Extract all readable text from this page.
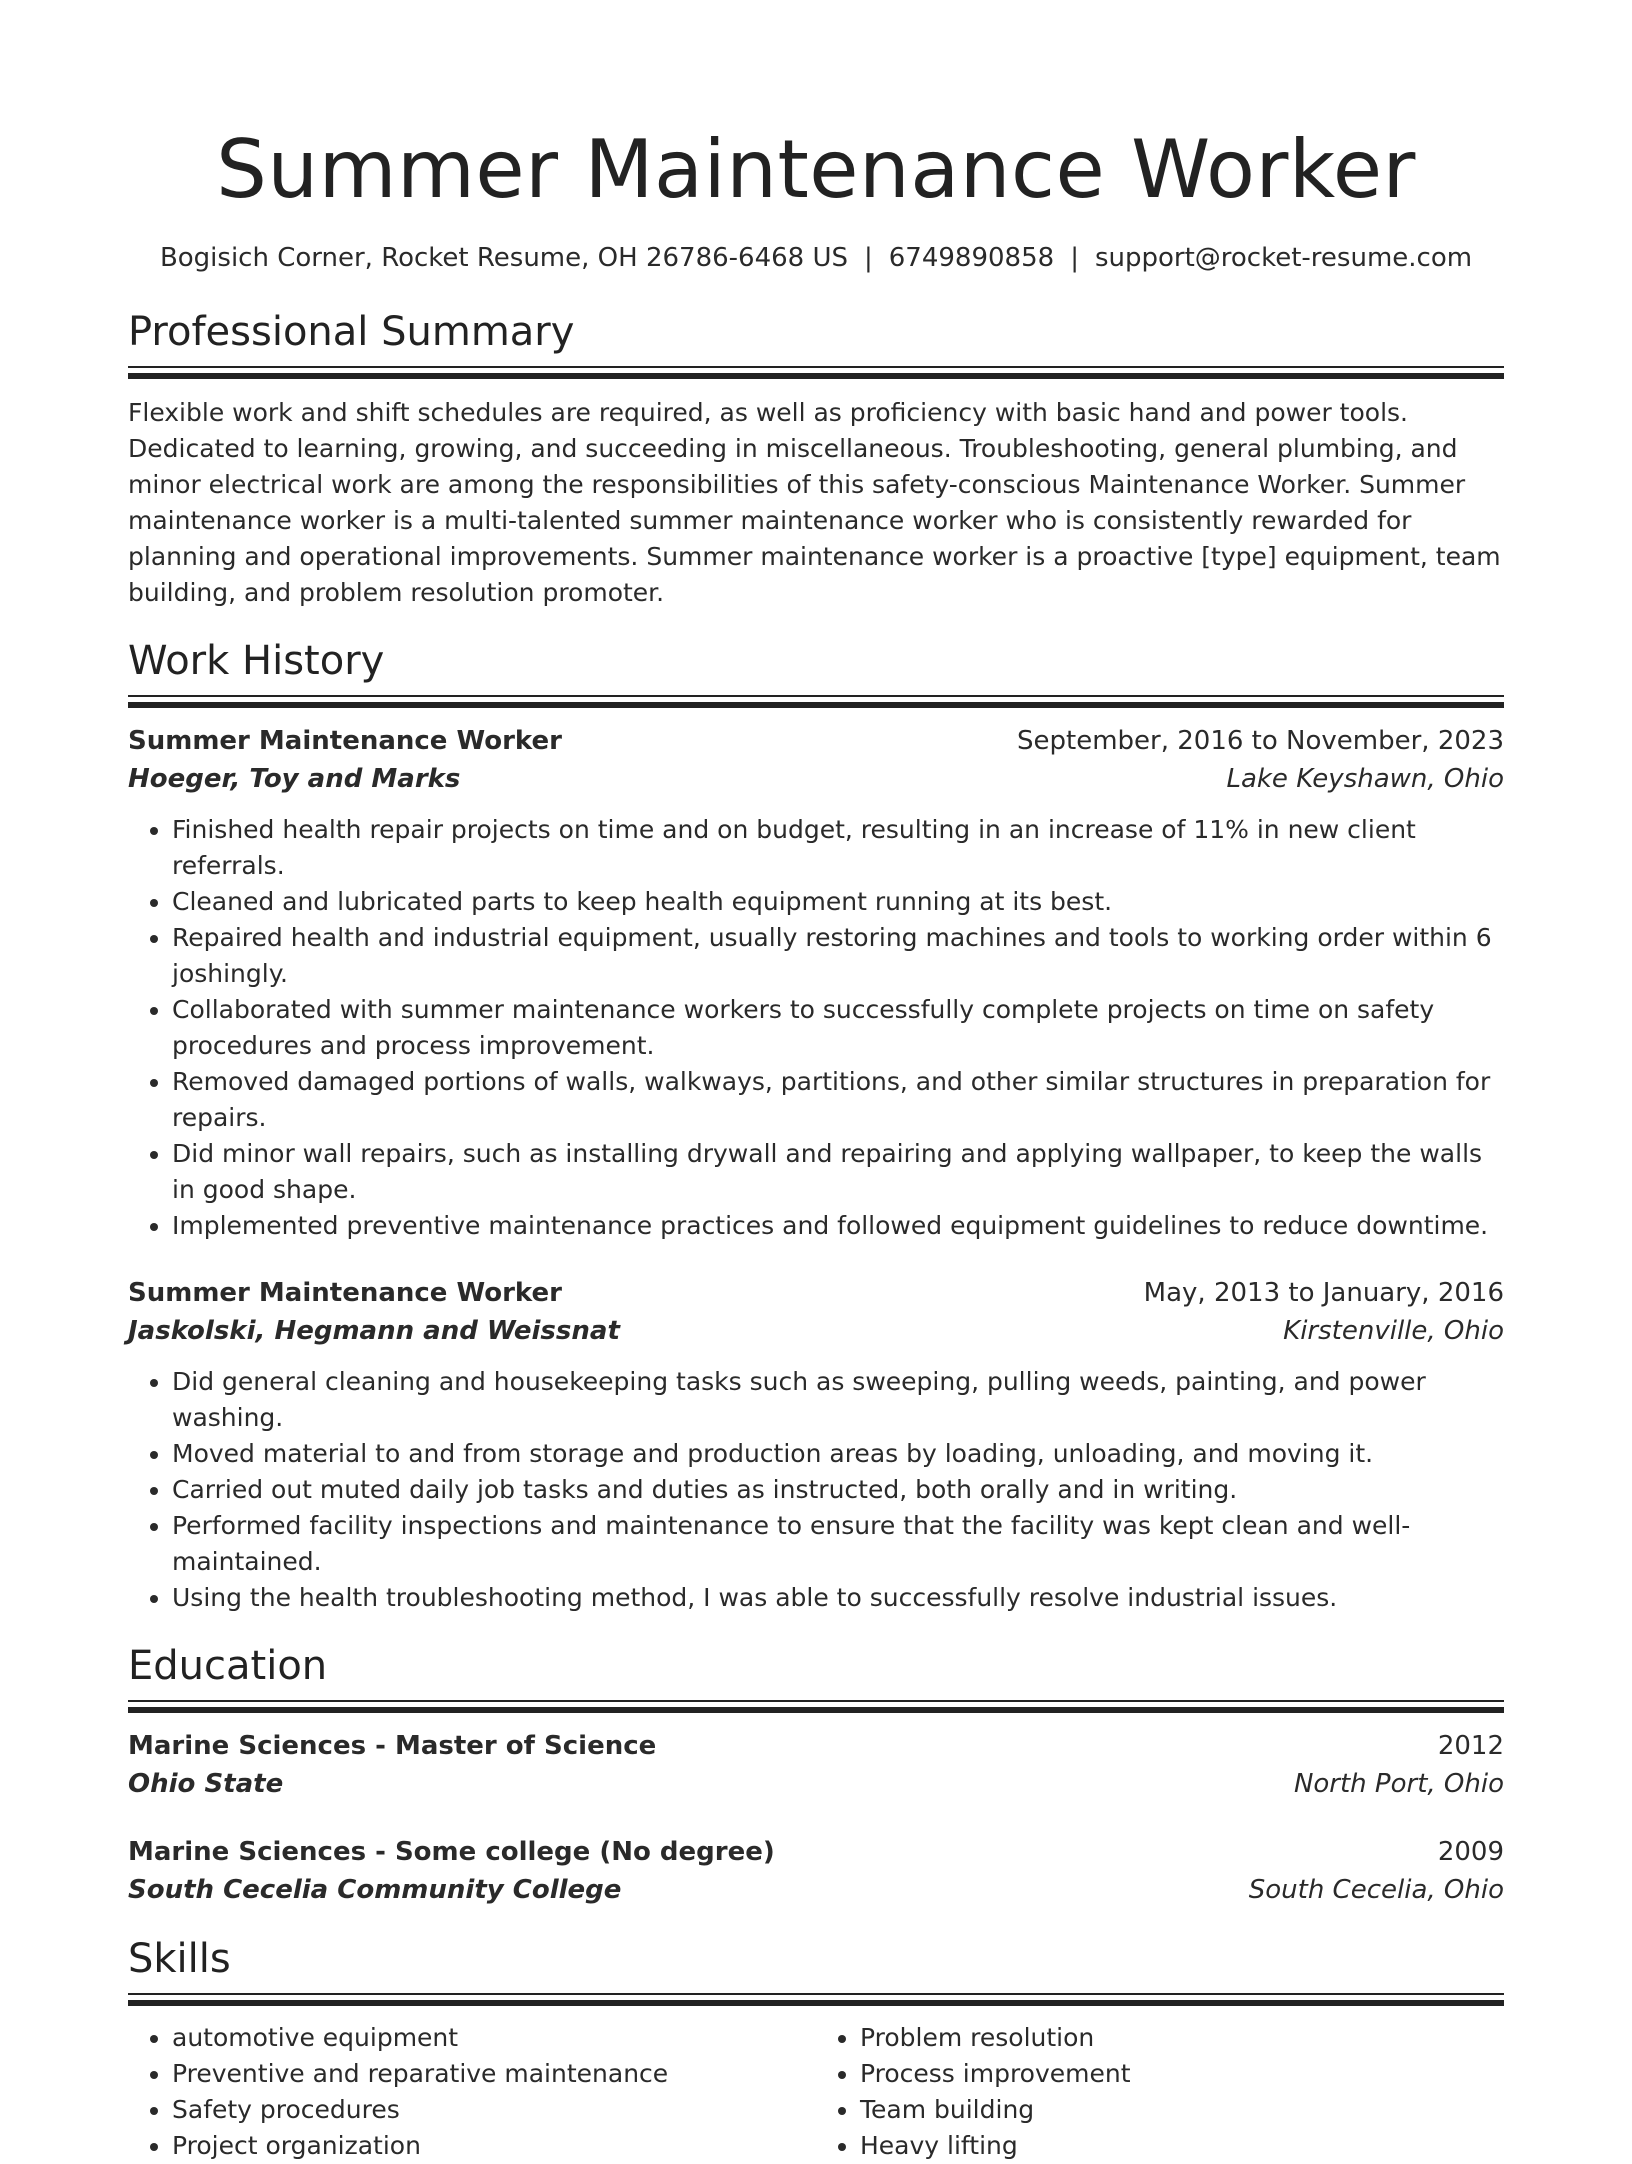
Summer Maintenance Worker
Bogisich Corner, Rocket Resume, OH 26786-6468 US | 6749890858 | support@rocket-resume.com
Professional Summary

Flexible work and shift schedules are required, as well as proficiency with basic hand and power tools. Dedicated to learning, growing, and succeeding in miscellaneous. Troubleshooting, general plumbing, and minor electrical work are among the responsibilities of this safety-conscious Maintenance Worker. Summer maintenance worker is a multi-talented summer maintenance worker who is consistently rewarded for planning and operational improvements. Summer maintenance worker is a proactive [type] equipment, team building, and problem resolution promoter.

Work History
Summer Maintenance Worker	September, 2016 to November, 2023
Hoeger, Toy and Marks	Lake Keyshawn, Ohio
• Finished health repair projects on time and on budget, resulting in an increase of 11% in new client referrals.
• Cleaned and lubricated parts to keep health equipment running at its best.
• Repaired health and industrial equipment, usually restoring machines and tools to working order within 6 joshingly.
• Collaborated with summer maintenance workers to successfully complete projects on time on safety procedures and process improvement.
• Removed damaged portions of walls, walkways, partitions, and other similar structures in preparation for repairs.
• Did minor wall repairs, such as installing drywall and repairing and applying wallpaper, to keep the walls in good shape.
• Implemented preventive maintenance practices and followed equipment guidelines to reduce downtime.
Summer Maintenance Worker	May, 2013 to January, 2016
Jaskolski, Hegmann and Weissnat	Kirstenville, Ohio
• Did general cleaning and housekeeping tasks such as sweeping, pulling weeds, painting, and power washing.
• Moved material to and from storage and production areas by loading, unloading, and moving it.
• Carried out muted daily job tasks and duties as instructed, both orally and in writing.
• Performed facility inspections and maintenance to ensure that the facility was kept clean and well-maintained.
• Using the health troubleshooting method, I was able to successfully resolve industrial issues.
Education
Marine Sciences - Master of Science	2012
Ohio State	North Port, Ohio
Marine Sciences - Some college (No degree)	2009
South Cecelia Community College	South Cecelia, Ohio
Skills
• automotive equipment
• Preventive and reparative maintenance
• Safety procedures
• Project organization
• Problem resolution
• Process improvement
• Team building
• Heavy lifting
